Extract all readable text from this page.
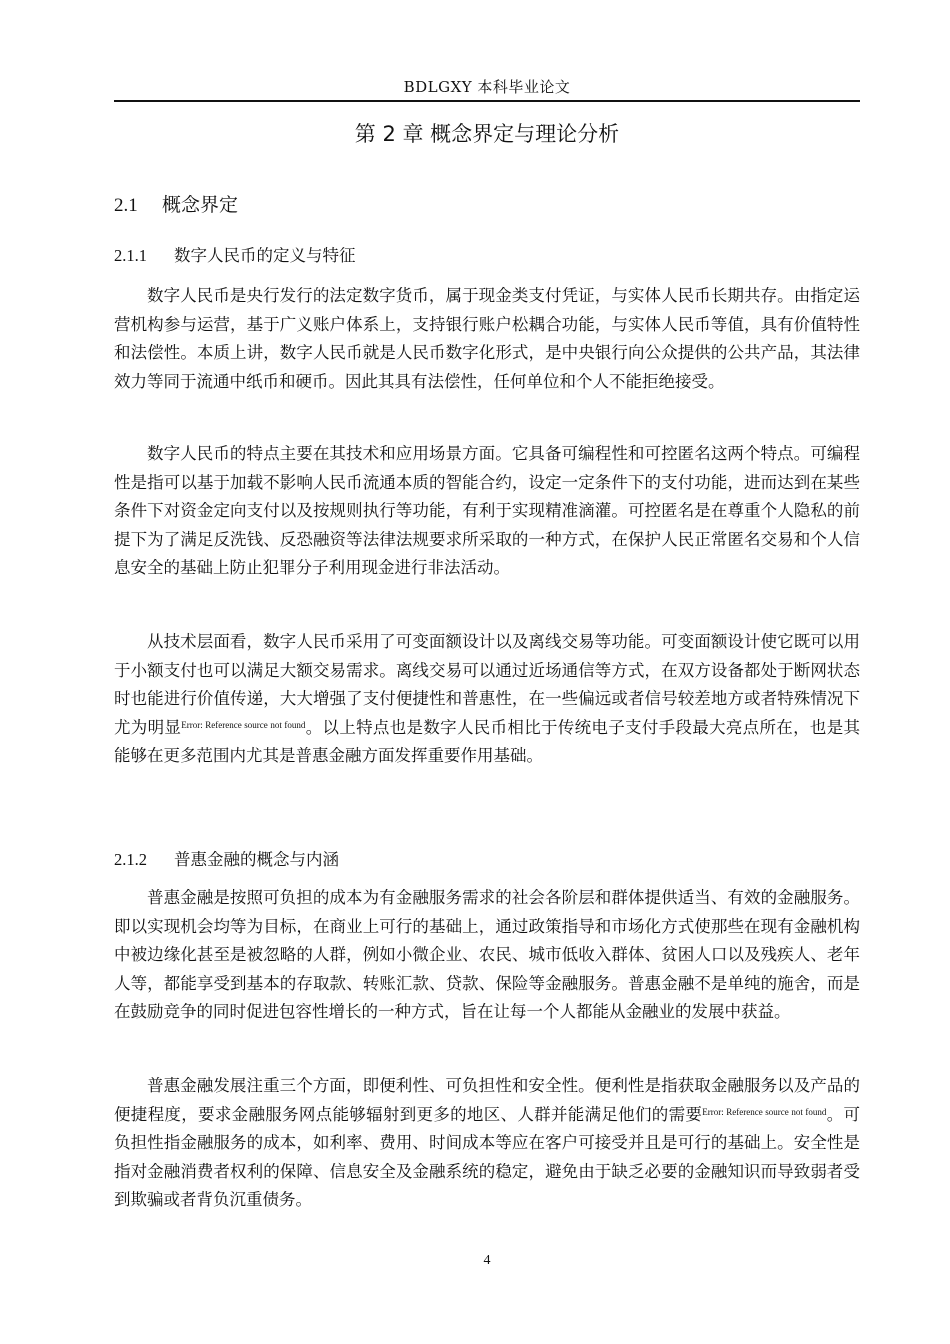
BDLGXY 本科毕业论文
第 2 章 概念界定与理论分析
2.1 概念界定
2.1.1 数字人民币的定义与特征

数字人民币是央行发行的法定数字货币，属于现金类支付凭证，与实体人民币长期共存。由指定运营机构参与运营，基于广义账户体系上，支持银行账户松耦合功能，与实体人民币等值，具有价值特性和法偿性。本质上讲，数字人民币就是人民币数字化形式，是中央银行向公众提供的公共产品，其法律效力等同于流通中纸币和硬币。因此其具有法偿性，任何单位和个人不能拒绝接受。

数字人民币的特点主要在其技术和应用场景方面。它具备可编程性和可控匿名这两个特点。可编程性是指可以基于加载不影响人民币流通本质的智能合约，设定一定条件下的支付功能，进而达到在某些条件下对资金定向支付以及按规则执行等功能，有利于实现精准滴灌。可控匿名是在尊重个人隐私的前提下为了满足反洗钱、反恐融资等法律法规要求所采取的一种方式，在保护人民正常匿名交易和个人信息安全的基础上防止犯罪分子利用现金进行非法活动。

从技术层面看，数字人民币采用了可变面额设计以及离线交易等功能。可变面额设计使它既可以用于小额支付也可以满足大额交易需求。离线交易可以通过近场通信等方式，在双方设备都处于断网状态时也能进行价值传递，大大增强了支付便捷性和普惠性，在一些偏远或者信号较差地方或者特殊情况下尤为明显$^{Error: Reference source not found}$。以上特点也是数字人民币相比于传统电子支付手段最大亮点所在，也是其能够在更多范围内尤其是普惠金融方面发挥重要作用基础。

2.1.2 普惠金融的概念与内涵

普惠金融是按照可负担的成本为有金融服务需求的社会各阶层和群体提供适当、有效的金融服务。即以实现机会均等为目标，在商业上可行的基础上，通过政策指导和市场化方式使那些在现有金融机构中被边缘化甚至是被忽略的人群，例如小微企业、农民、城市低收入群体、贫困人口以及残疾人、老年人等，都能享受到基本的存取款、转账汇款、贷款、保险等金融服务。普惠金融不是单纯的施舍，而是在鼓励竞争的同时促进包容性增长的一种方式，旨在让每一个人都能从金融业的发展中获益。

普惠金融发展注重三个方面，即便利性、可负担性和安全性。便利性是指获取金融服务以及产品的便捷程度，要求金融服务网点能够辐射到更多的地区、人群并能满足他们的需要$^{Error: Reference source not found}$。可负担性指金融服务的成本，如利率、费用、时间成本等应在客户可接受并且是可行的基础上。安全性是指对金融消费者权利的保障、信息安全及金融系统的稳定，避免由于缺乏必要的金融知识而导致弱者受到欺骗或者背负沉重债务。

4
